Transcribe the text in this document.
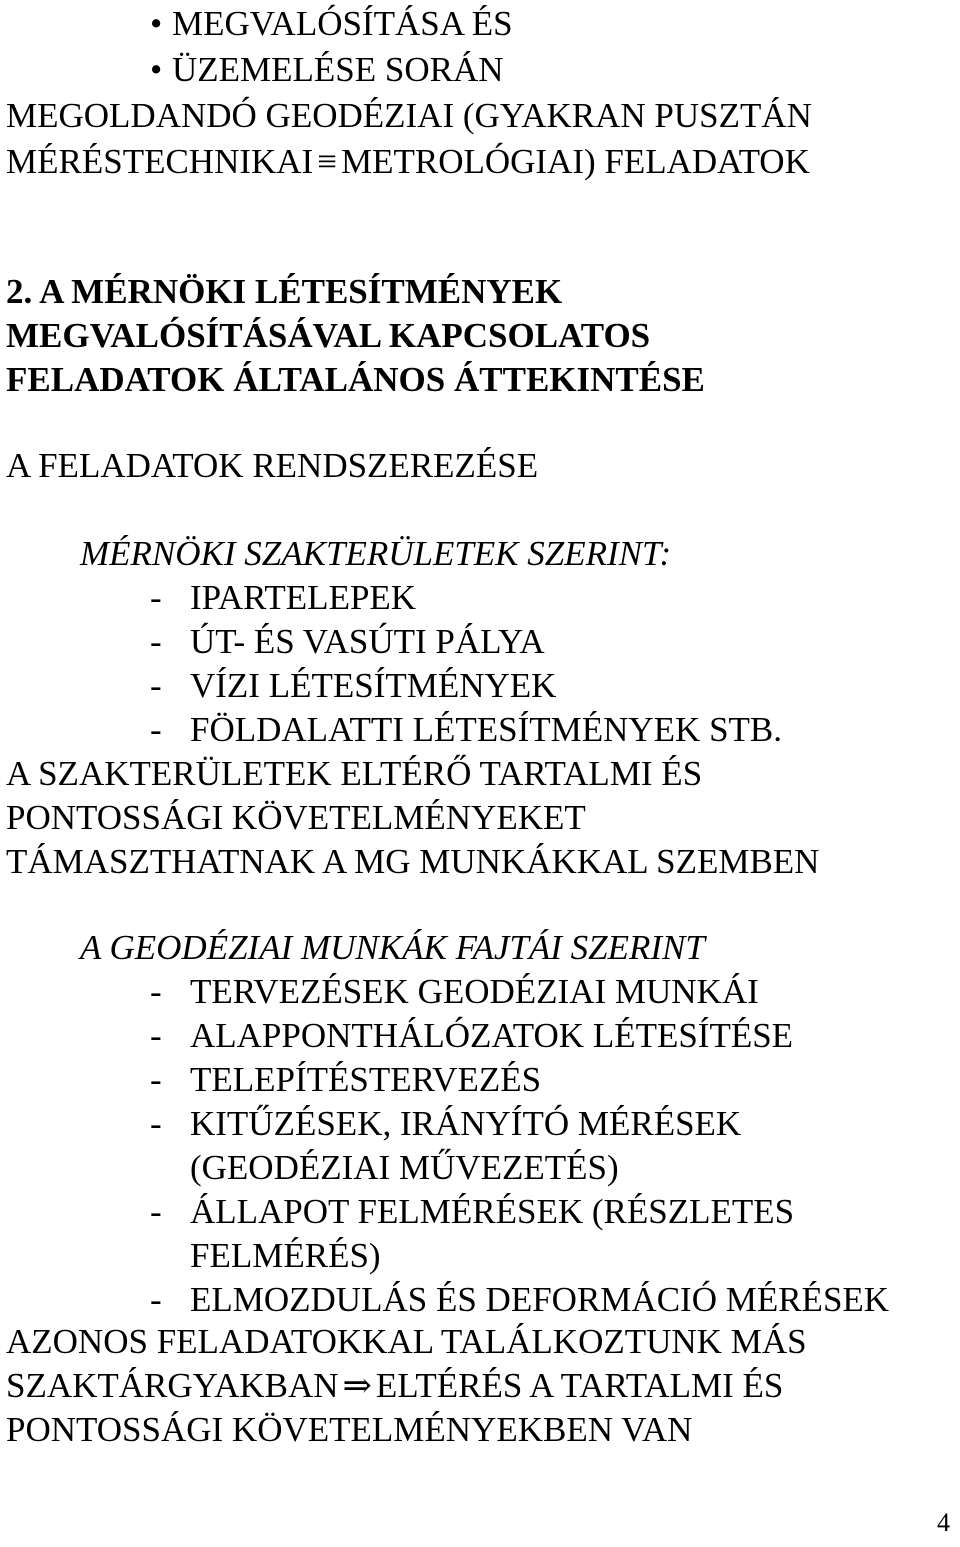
• MEGVALÓSÍTÁSA ÉS
• ÜZEMELÉSE SORÁN
MEGOLDANDÓ GEODÉZIAI (GYAKRAN PUSZTÁN
MÉRÉSTECHNIKAI ≡ METROLÓGIAI) FELADATOK
2. A MÉRNÖKI LÉTESÍTMÉNYEK
MEGVALÓSÍTÁSÁVAL KAPCSOLATOS
FELADATOK ÁLTALÁNOS ÁTTEKINTÉSE
A FELADATOK RENDSZEREZÉSE
MÉRNÖKI SZAKTERÜLETEK SZERINT:
- IPARTELEPEK
- ÚT- ÉS VASÚTI PÁLYA
- VÍZI LÉTESÍTMÉNYEK
- FÖLDALATTI LÉTESÍTMÉNYEK STB.
A SZAKTERÜLETEK ELTÉRŐ TARTALMI ÉS
PONTOSSÁGI KÖVETELMÉNYEKET
TÁMASZTHATNAK A MG MUNKÁKKAL SZEMBEN
A GEODÉZIAI MUNKÁK FAJTÁI SZERINT
- TERVEZÉSEK GEODÉZIAI MUNKÁI
- ALAPPONTHÁLÓZATOK LÉTESÍTÉSE
- TELEPÍTÉSTERVEZÉS
- KITŰZÉSEK, IRÁNYÍTÓ MÉRÉSEK
(GEODÉZIAI MŰVEZETÉS)
- ÁLLAPOT FELMÉRÉSEK (RÉSZLETES
FELMÉRÉS)
- ELMOZDULÁS ÉS DEFORMÁCIÓ MÉRÉSEK
AZONOS FELADATOKKAL TALÁLKOZTUNK MÁS
SZAKTÁRGYAKBAN ⇒ ELTÉRÉS A TARTALMI ÉS
PONTOSSÁGI KÖVETELMÉNYEKBEN VAN
4
